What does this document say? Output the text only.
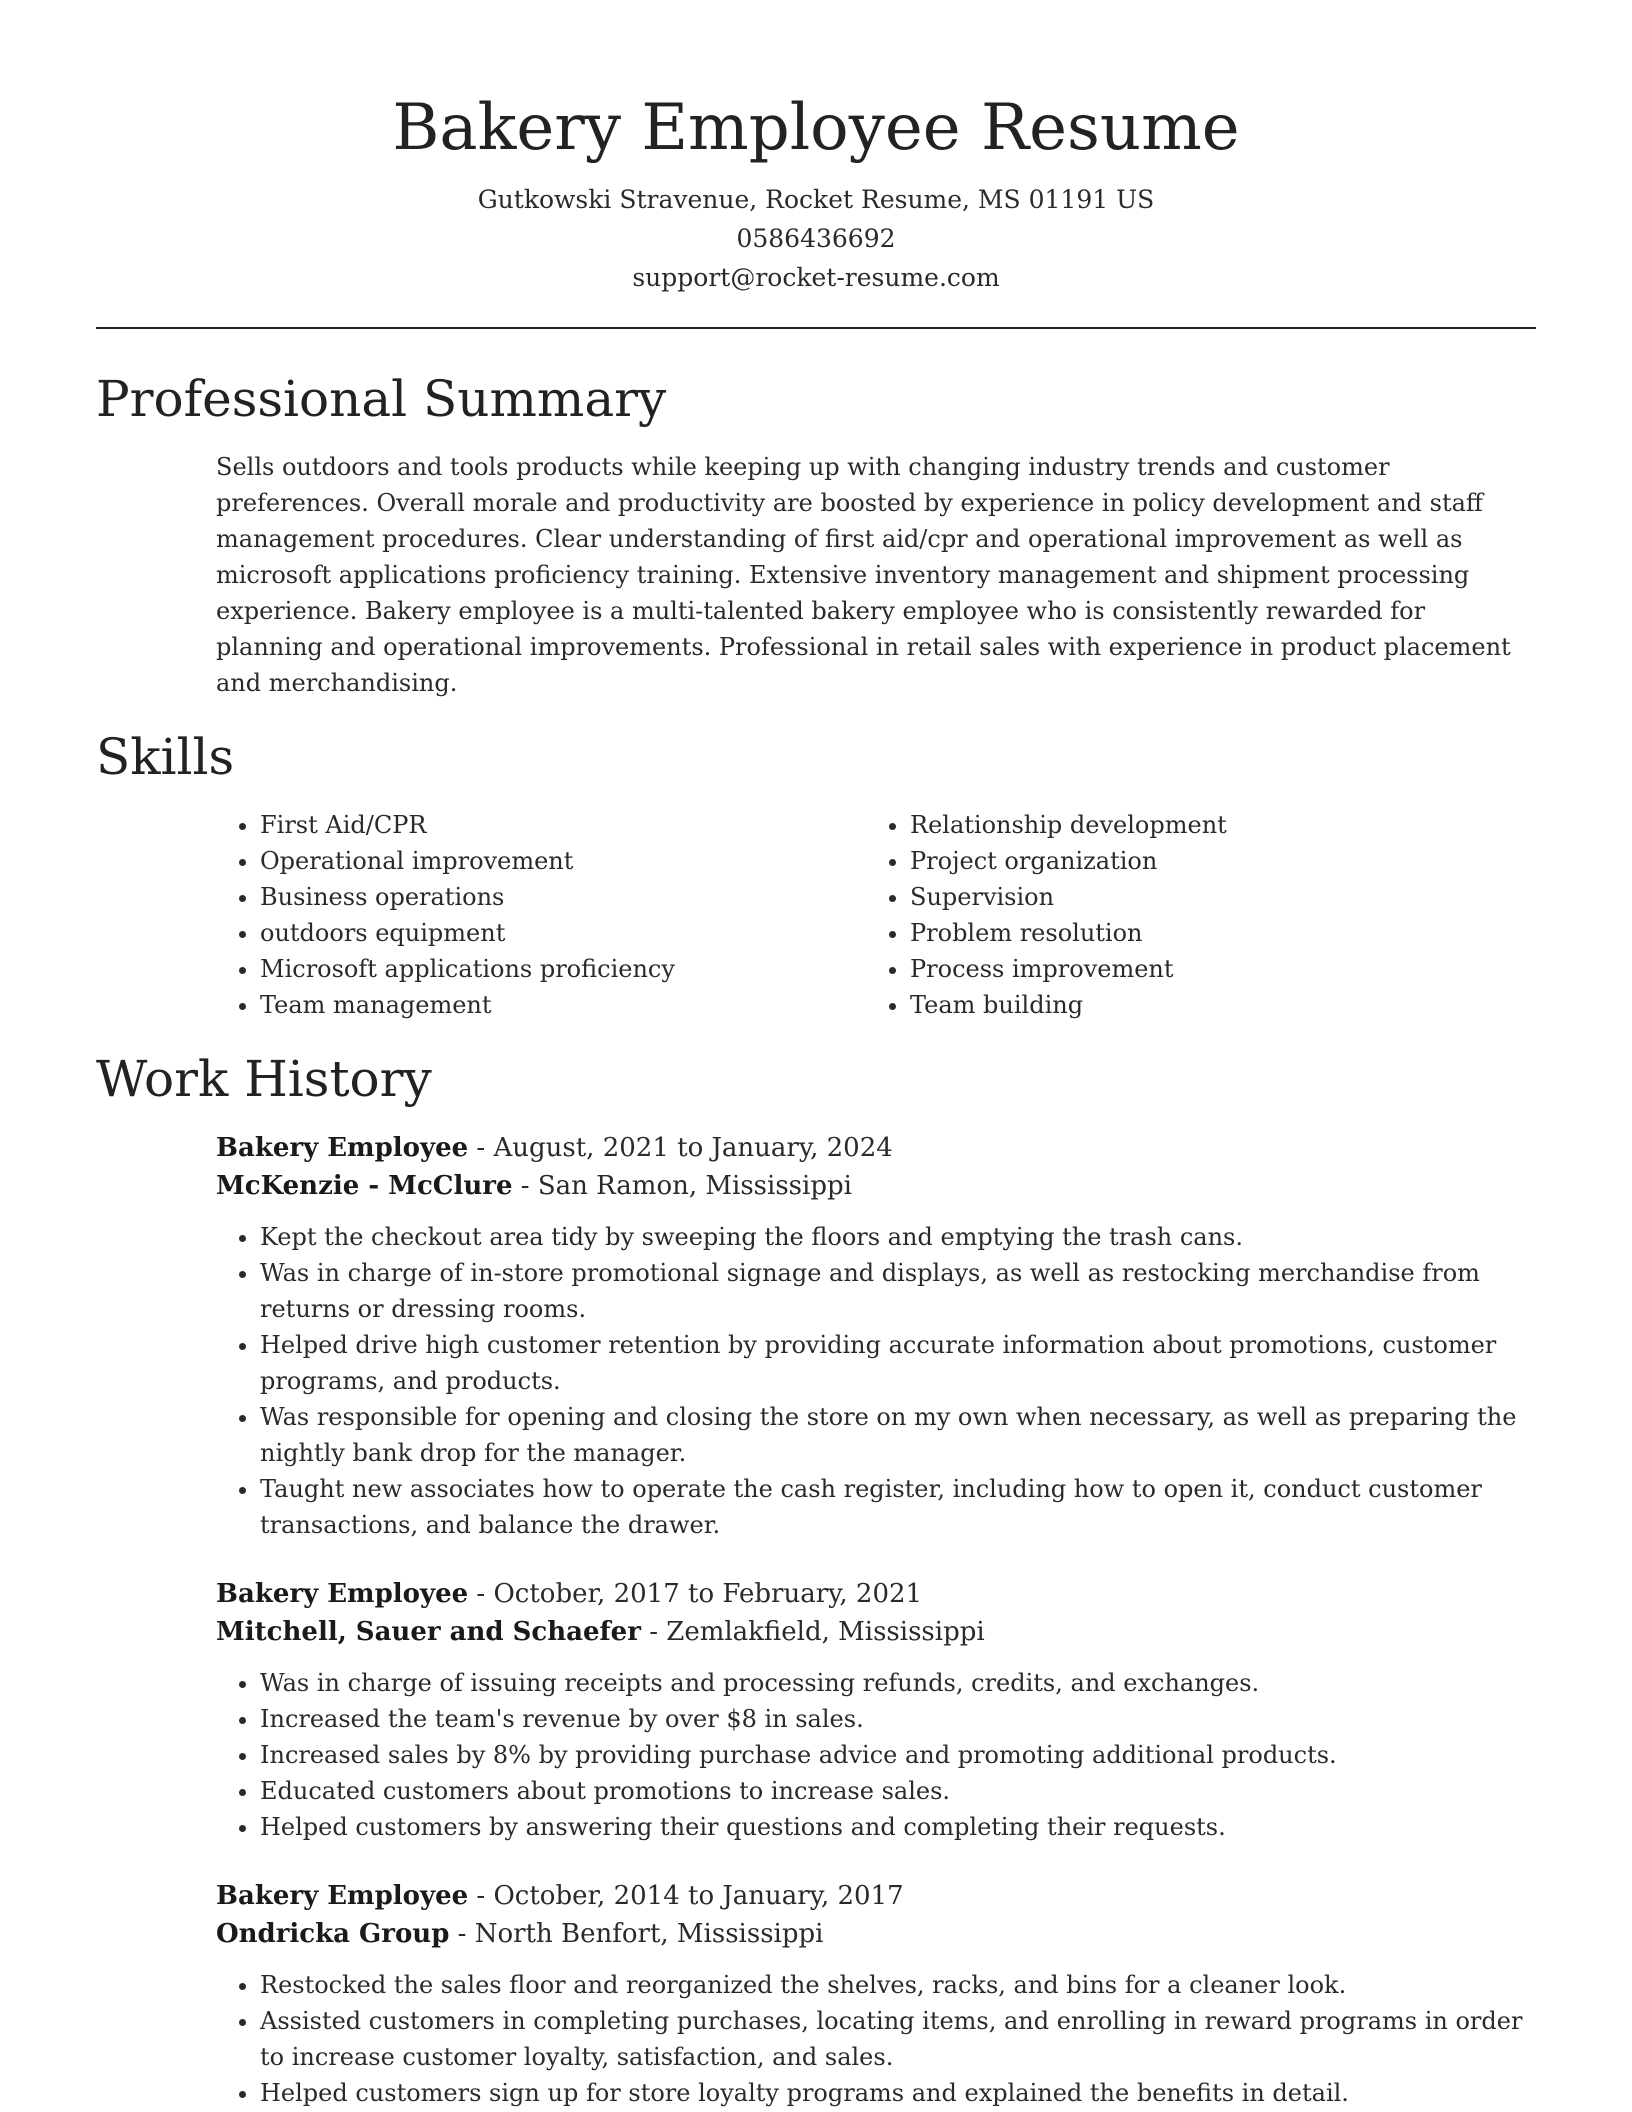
Bakery Employee Resume
Gutkowski Stravenue, Rocket Resume, MS 01191 US
0586436692
support@rocket-resume.com
Professional Summary

Sells outdoors and tools products while keeping up with changing industry trends and customer preferences. Overall morale and productivity are boosted by experience in policy development and staff management procedures. Clear understanding of first aid/cpr and operational improvement as well as microsoft applications proficiency training. Extensive inventory management and shipment processing experience. Bakery employee is a multi-talented bakery employee who is consistently rewarded for planning and operational improvements. Professional in retail sales with experience in product placement and merchandising.

Skills
• First Aid/CPR
• Operational improvement
• Business operations
• outdoors equipment
• Microsoft applications proficiency
• Team management
• Relationship development
• Project organization
• Supervision
• Problem resolution
• Process improvement
• Team building
Work History
Bakery Employee - August, 2021 to January, 2024
McKenzie - McClure - San Ramon, Mississippi
• Kept the checkout area tidy by sweeping the floors and emptying the trash cans.
• Was in charge of in-store promotional signage and displays, as well as restocking merchandise from returns or dressing rooms.
• Helped drive high customer retention by providing accurate information about promotions, customer programs, and products.
• Was responsible for opening and closing the store on my own when necessary, as well as preparing the nightly bank drop for the manager.
• Taught new associates how to operate the cash register, including how to open it, conduct customer transactions, and balance the drawer.
Bakery Employee - October, 2017 to February, 2021
Mitchell, Sauer and Schaefer - Zemlakfield, Mississippi
• Was in charge of issuing receipts and processing refunds, credits, and exchanges.
• Increased the team's revenue by over $8 in sales.
• Increased sales by 8% by providing purchase advice and promoting additional products.
• Educated customers about promotions to increase sales.
• Helped customers by answering their questions and completing their requests.
Bakery Employee - October, 2014 to January, 2017
Ondricka Group - North Benfort, Mississippi
• Restocked the sales floor and reorganized the shelves, racks, and bins for a cleaner look.
• Assisted customers in completing purchases, locating items, and enrolling in reward programs in order to increase customer loyalty, satisfaction, and sales.
• Helped customers sign up for store loyalty programs and explained the benefits in detail.
